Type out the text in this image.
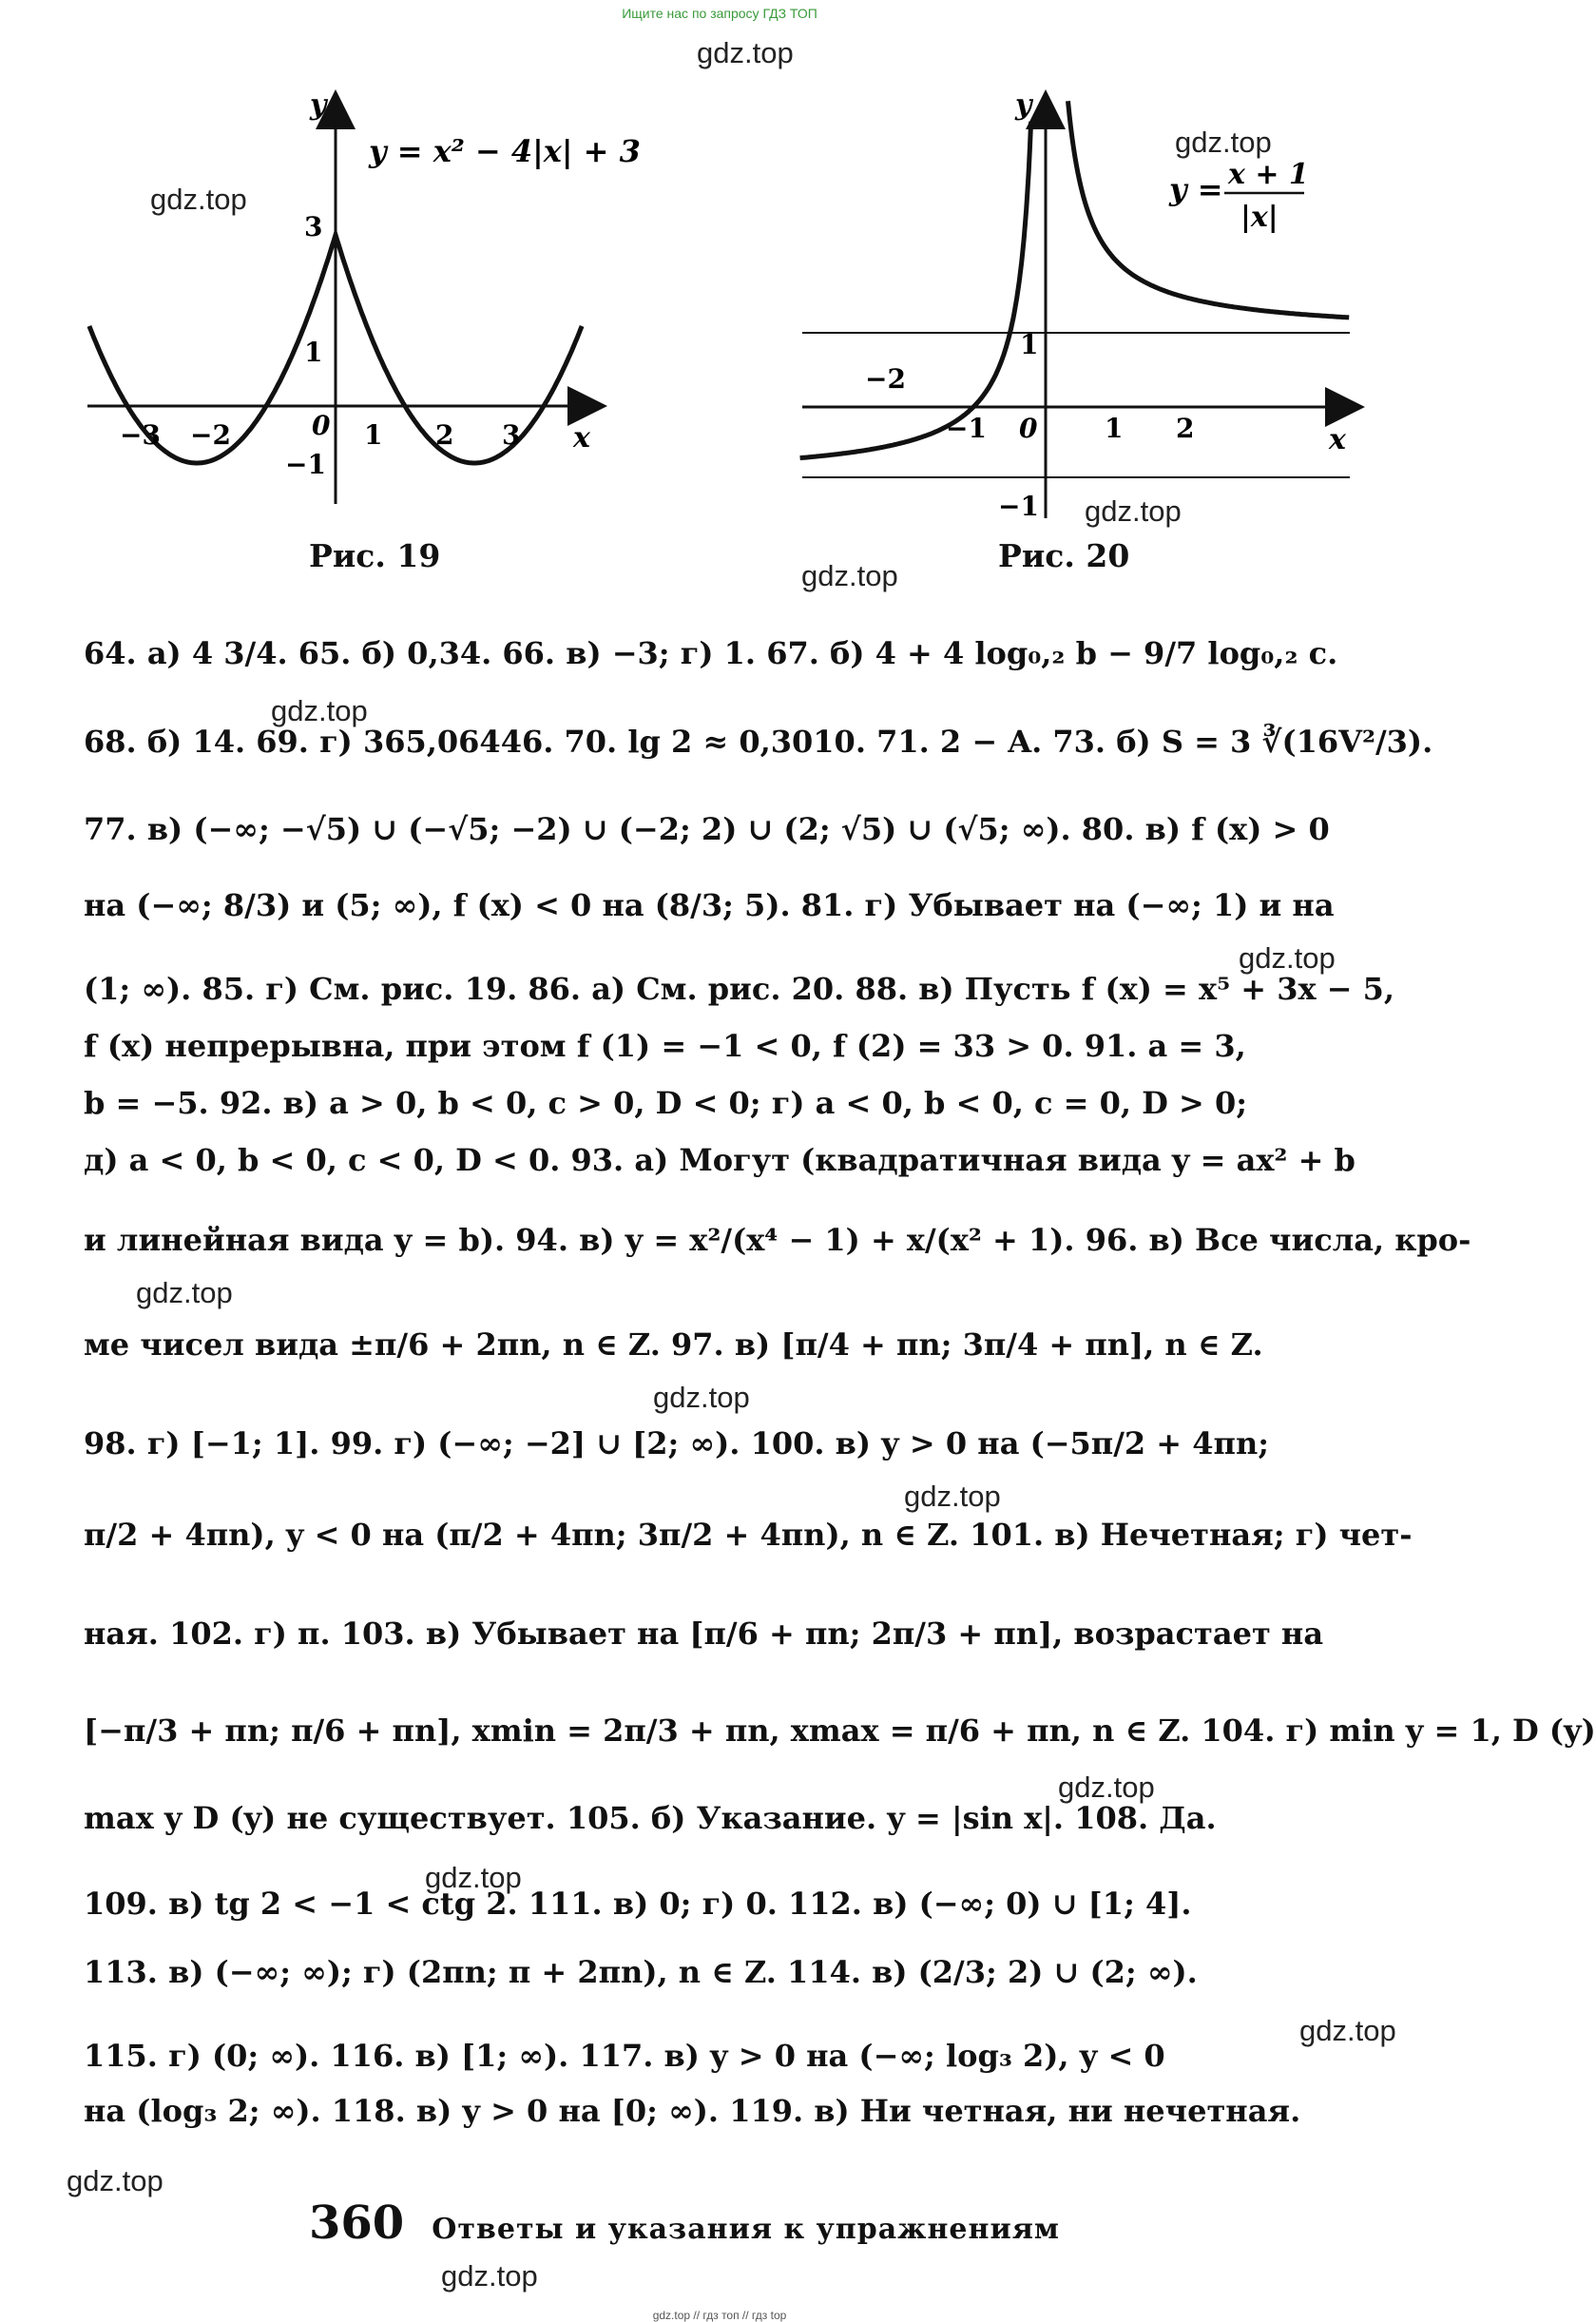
Ищите нас по запросу ГДЗ ТОП
y = x² − 4|x| + 3
y
x
0
−3 −2	1 2 3
3
1
−1
Рис. 19
y
x
0
−2
−1	1 2
1
−1
y = x + 1
|x|
Рис. 20

64. а) 4 3/4. 65. б) 0,34. 66. в) −3; г) 1. 67. б) 4 + 4 log₀,₂ b − 9/7 log₀,₂ c.

68. б) 14. 69. г) 365,06446. 70. lg 2 ≈ 0,3010. 71. 2 − A. 73. б) S = 3 ∛(16V²/3).

77. в) (−∞; −√5) ∪ (−√5; −2) ∪ (−2; 2) ∪ (2; √5) ∪ (√5; ∞). 80. в) f (x) > 0

на (−∞; 8/3) и (5; ∞), f (x) < 0 на (8/3; 5). 81. г) Убывает на (−∞; 1) и на

(1; ∞). 85. г) См. рис. 19. 86. а) См. рис. 20. 88. в) Пусть f (x) = x⁵ + 3x − 5,

f (x) непрерывна, при этом f (1) = −1 < 0, f (2) = 33 > 0. 91. a = 3,

b = −5. 92. в) a > 0, b < 0, c > 0, D < 0; г) a < 0, b < 0, c = 0, D > 0;

д) a < 0, b < 0, c < 0, D < 0. 93. а) Могут (квадратичная вида y = ax² + b

и линейная вида y = b). 94. в) y = x²/(x⁴ − 1) + x/(x² + 1). 96. в) Все числа, кро-

ме чисел вида ±π/6 + 2πn, n ∈ Z. 97. в) [π/4 + πn; 3π/4 + πn], n ∈ Z.

98. г) [−1; 1]. 99. г) (−∞; −2] ∪ [2; ∞). 100. в) y > 0 на (−5π/2 + 4πn;

π/2 + 4πn), y < 0 на (π/2 + 4πn; 3π/2 + 4πn), n ∈ Z. 101. в) Нечетная; г) чет-

ная. 102. г) π. 103. в) Убывает на [π/6 + πn; 2π/3 + πn], возрастает на

[−π/3 + πn; π/6 + πn], xmin = 2π/3 + πn, xmax = π/6 + πn, n ∈ Z. 104. г) min y = 1, D (y)

max y D (y) не существует. 105. б) Указание. y = |sin x|. 108. Да.

109. в) tg 2 < −1 < ctg 2. 111. в) 0; г) 0. 112. в) (−∞; 0) ∪ [1; 4].

113. в) (−∞; ∞); г) (2πn; π + 2πn), n ∈ Z. 114. в) (2/3; 2) ∪ (2; ∞).

115. г) (0; ∞). 116. в) [1; ∞). 117. в) y > 0 на (−∞; log₃ 2), y < 0

на (log₃ 2; ∞). 118. в) y > 0 на [0; ∞). 119. в) Ни четная, ни нечетная.

360 Ответы и указания к упражнениям
gdz.top
gdz.top
gdz.top
gdz.top
gdz.top
gdz.top
gdz.top
gdz.top
gdz.top
gdz.top
gdz.top
gdz.top
gdz.top
gdz.top
gdz.top
gdz.top // гдз топ // гдз top
